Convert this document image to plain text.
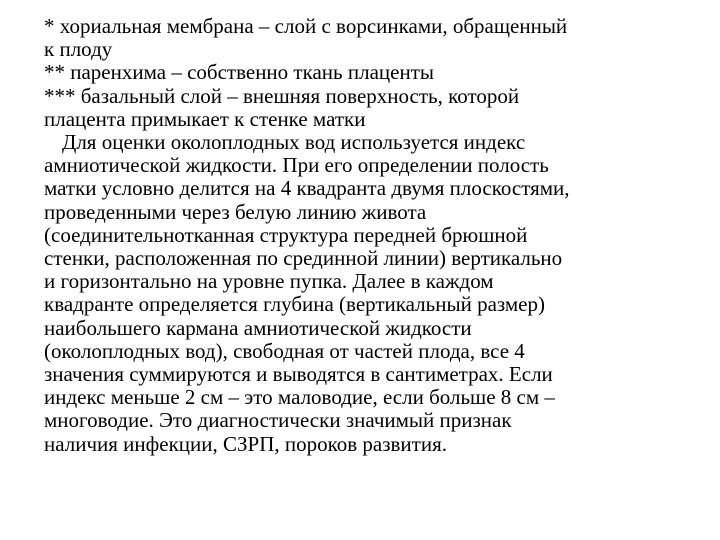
* хориальная мембрана – слой с ворсинками, обращенный
к плоду
** паренхима – собственно ткань плаценты
*** базальный слой – внешняя поверхность, которой
плацента примыкает к стенке матки
Для оценки околоплодных вод используется индекс
амниотической жидкости. При его определении полость
матки условно делится на 4 квадранта двумя плоскостями,
проведенными через белую линию живота
(соединительнотканная структура передней брюшной
стенки, расположенная по срединной линии) вертикально
и горизонтально на уровне пупка. Далее в каждом
квадранте определяется глубина (вертикальный размер)
наибольшего кармана амниотической жидкости
(околоплодных вод), свободная от частей плода, все 4
значения суммируются и выводятся в сантиметрах. Если
индекс меньше 2 см – это маловодие, если больше 8 см –
многоводие. Это диагностически значимый признак
наличия инфекции, СЗРП, пороков развития.
